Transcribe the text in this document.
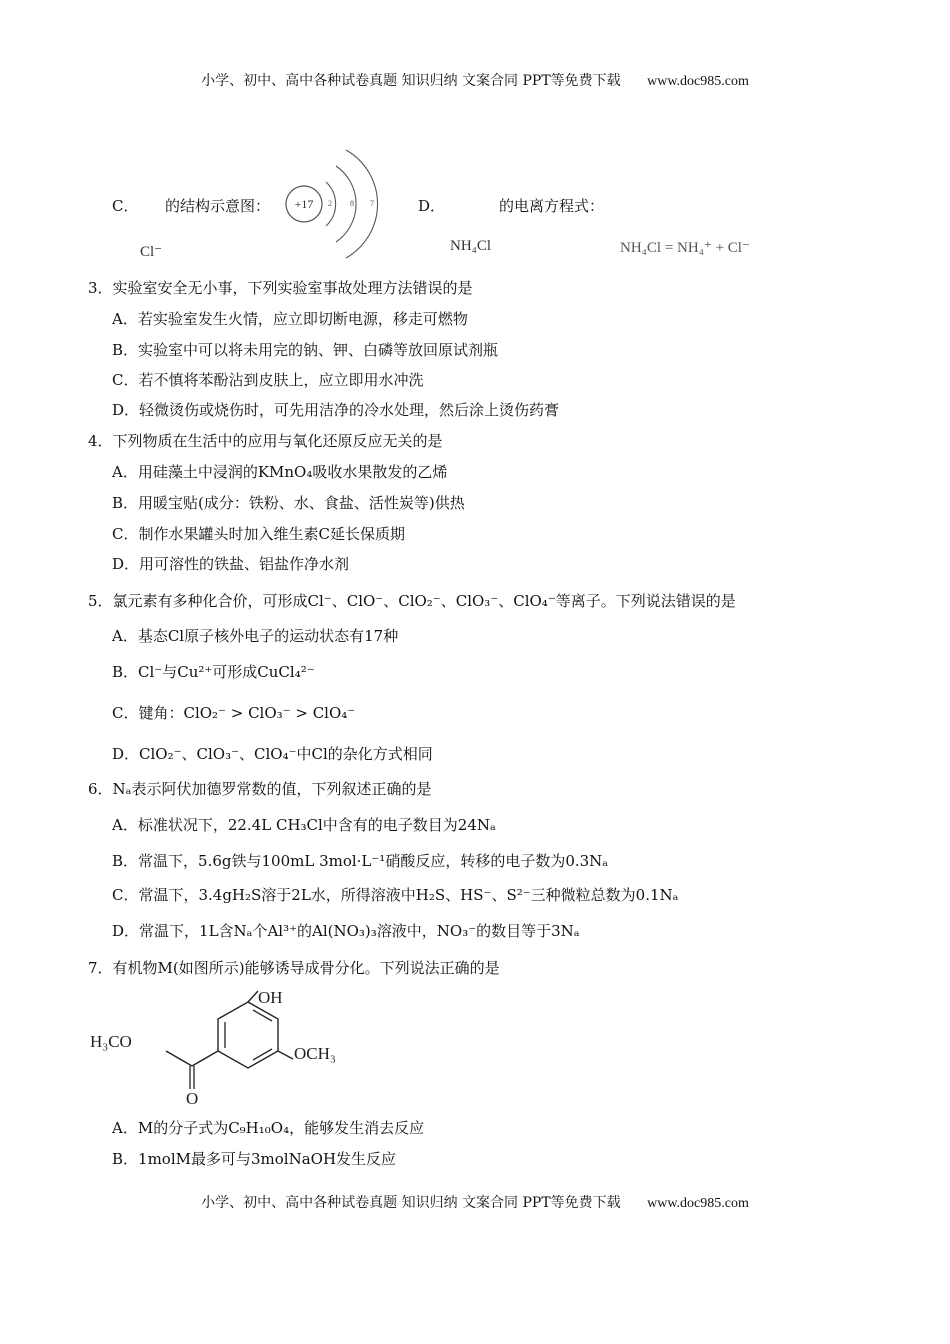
小学、初中、高中各种试卷真题 知识归纳 文案合同 PPT等免费下载 www.doc985.com
C． 的结构示意图：
Cl⁻
+17 2 8 7	D．	的电离方程式：
NH₄Cl	NH₄Cl = NH₄⁺ + Cl⁻
3．实验室安全无小事，下列实验室事故处理方法错误的是
A．若实验室发生火情，应立即切断电源，移走可燃物
B．实验室中可以将未用完的钠、钾、白磷等放回原试剂瓶
C．若不慎将苯酚沾到皮肤上，应立即用水冲洗
D．轻微烫伤或烧伤时，可先用洁净的冷水处理，然后涂上烫伤药膏
4．下列物质在生活中的应用与氧化还原反应无关的是
A．用硅藻土中浸润的KMnO₄吸收水果散发的乙烯
B．用暖宝贴(成分：铁粉、水、食盐、活性炭等)供热
C．制作水果罐头时加入维生素C延长保质期
D．用可溶性的铁盐、铝盐作净水剂
5．氯元素有多种化合价，可形成Cl⁻、ClO⁻、ClO₂⁻、ClO₃⁻、ClO₄⁻等离子。下列说法错误的是
A．基态Cl原子核外电子的运动状态有17种
B．Cl⁻与Cu²⁺可形成CuCl₄²⁻
C．键角：ClO₂⁻ > ClO₃⁻ > ClO₄⁻
D．ClO₂⁻、ClO₃⁻、ClO₄⁻中Cl的杂化方式相同
6．Nₐ表示阿伏加德罗常数的值，下列叙述正确的是
A．标准状况下，22.4L CH₃Cl中含有的电子数目为24Nₐ
B．常温下，5.6g铁与100mL 3mol·L⁻¹硝酸反应，转移的电子数为0.3Nₐ
C．常温下，3.4gH₂S溶于2L水，所得溶液中H₂S、HS⁻、S²⁻三种微粒总数为0.1Nₐ
D．常温下，1L含Nₐ个Al³⁺的Al(NO₃)₃溶液中，NO₃⁻的数目等于3Nₐ
7．有机物M(如图所示)能够诱导成骨分化。下列说法正确的是
OH
OCH₃
O
H₃CO
A．M的分子式为C₉H₁₀O₄，能够发生消去反应
B．1molM最多可与3molNaOH发生反应
小学、初中、高中各种试卷真题 知识归纳 文案合同 PPT等免费下载 www.doc985.com
